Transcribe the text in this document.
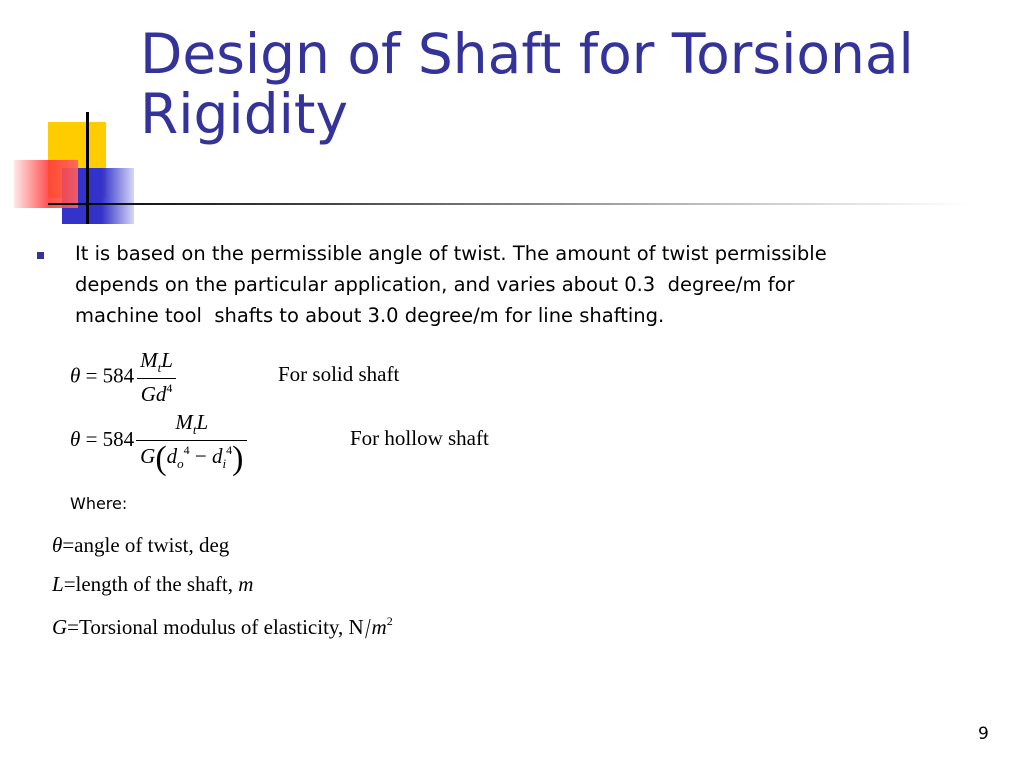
Design of Shaft for Torsional
Rigidity
It is based on the permissible angle of twist. The amount of twist permissible
depends on the particular application, and varies about 0.3  degree/m for
machine tool  shafts to about 3.0 degree/m for line shafting.
$\theta = 584 \frac{M_tL}{Gd^4}$	For solid shaft
$\theta = 584 \frac{M_tL}{G(d_o^4 - d_i^4)}$	For hollow shaft
Where:
θ=angle of twist, deg
L=length of the shaft, m
G=Torsional modulus of elasticity, $N/m^2$
9
